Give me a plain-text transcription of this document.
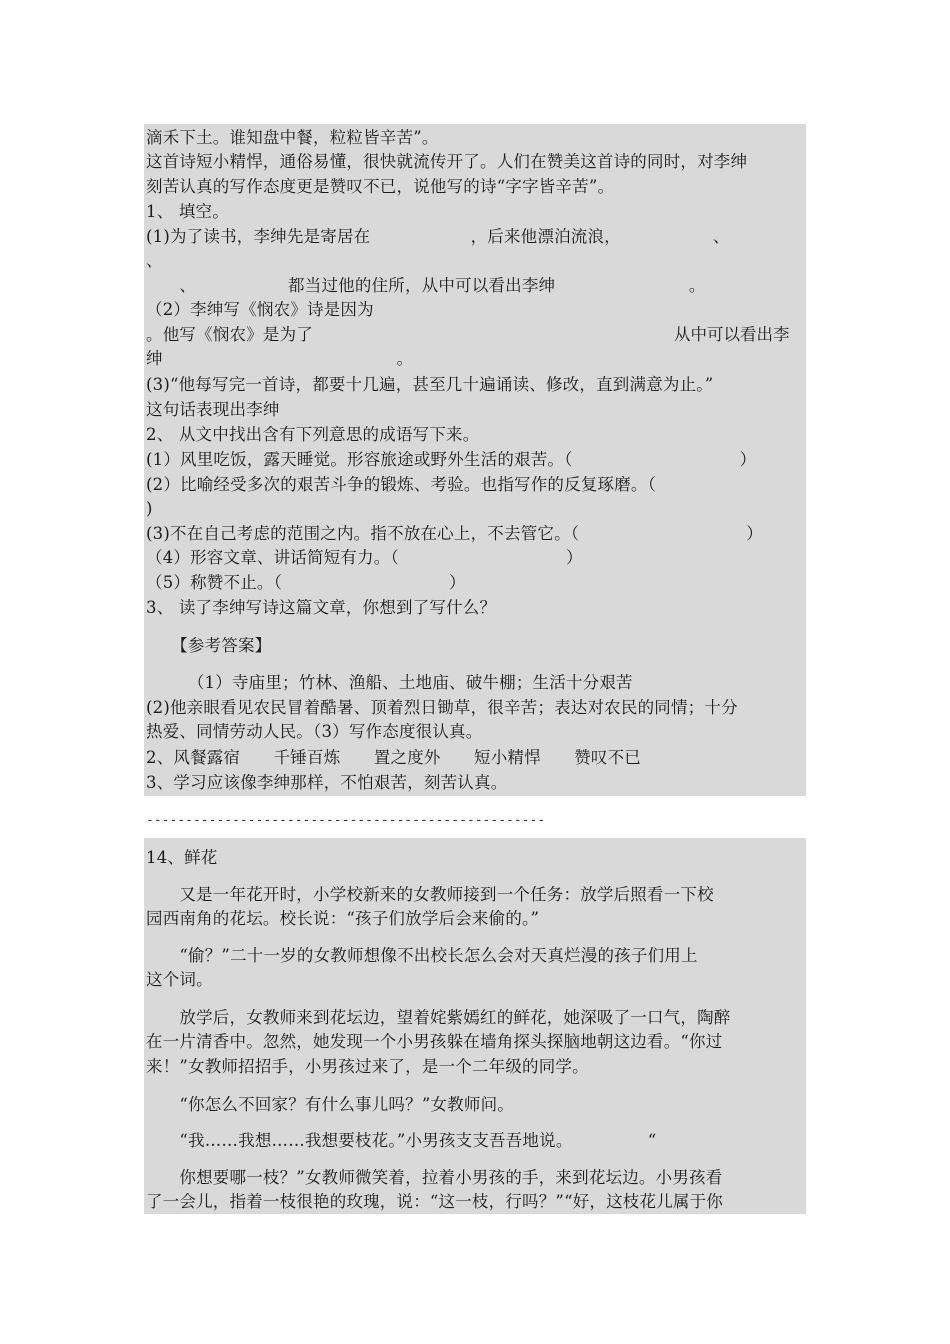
滴禾下土。谁知盘中餐，粒粒皆辛苦”。
这首诗短小精悍，通俗易懂，很快就流传开了。人们在赞美这首诗的同时，对李绅
刻苦认真的写作态度更是赞叹不已，说他写的诗“字字皆辛苦”。
1、 填空。
(1)为了读书，李绅先是寄居在　　　　　　，后来他漂泊流浪，　　　　　　、
、
　　、　　　　　　都当过他的住所，从中可以看出李绅　　　　　　　　。
（2）李绅写《悯农》诗是因为
。他写《悯农》是为了	从中可以看出李
绅　　　　　　　　　　　　　　。
(3)“他每写完一首诗，都要十几遍，甚至几十遍诵读、修改，直到满意为止。”
这句话表现出李绅
2、 从文中找出含有下列意思的成语写下来。
(1）风里吃饭，露天睡觉。形容旅途或野外生活的艰苦。（　　　　　　　　　　）
(2）比喻经受多次的艰苦斗争的锻炼、考验。也指写作的反复琢磨。（
)
(3)不在自己考虑的范围之内。指不放在心上，不去管它。（　　　　　　　　　　）
（4）形容文章、讲话简短有力。（　　　　　　　　　　）
（5）称赞不止。（　　　　　　　　　　）
3、 读了李绅写诗这篇文章，你想到了写什么？
　　【参考答案】
　　　（1）寺庙里；竹林、渔船、土地庙、破牛棚；生活十分艰苦
(2)他亲眼看见农民冒着酷暑、顶着烈日锄草，很辛苦；表达对农民的同情；十分
热爱、同情劳动人民。（3）写作态度很认真。
2、风餐露宿　　千锤百炼　　置之度外　　短小精悍　　赞叹不已
3、学习应该像李绅那样，不怕艰苦，刻苦认真。
---------------------------------------------------
14、鲜花
　　又是一年花开时，小学校新来的女教师接到一个任务：放学后照看一下校
园西南角的花坛。校长说：“孩子们放学后会来偷的。”
　　“偷？”二十一岁的女教师想像不出校长怎么会对天真烂漫的孩子们用上
这个词。
　　放学后，女教师来到花坛边，望着姹紫嫣红的鲜花，她深吸了一口气，陶醉
在一片清香中。忽然，她发现一个小男孩躲在墙角探头探脑地朝这边看。“你过
来！”女教师招招手，小男孩过来了，是一个二年级的同学。
　　“你怎么不回家？有什么事儿吗？”女教师问。
　　“我……我想……我想要枝花。”小男孩支支吾吾地说。　　　　　“
　　你想要哪一枝？”女教师微笑着，拉着小男孩的手，来到花坛边。小男孩看
了一会儿，指着一枝很艳的玫瑰，说：“这一枝，行吗？”“好，这枝花儿属于你
